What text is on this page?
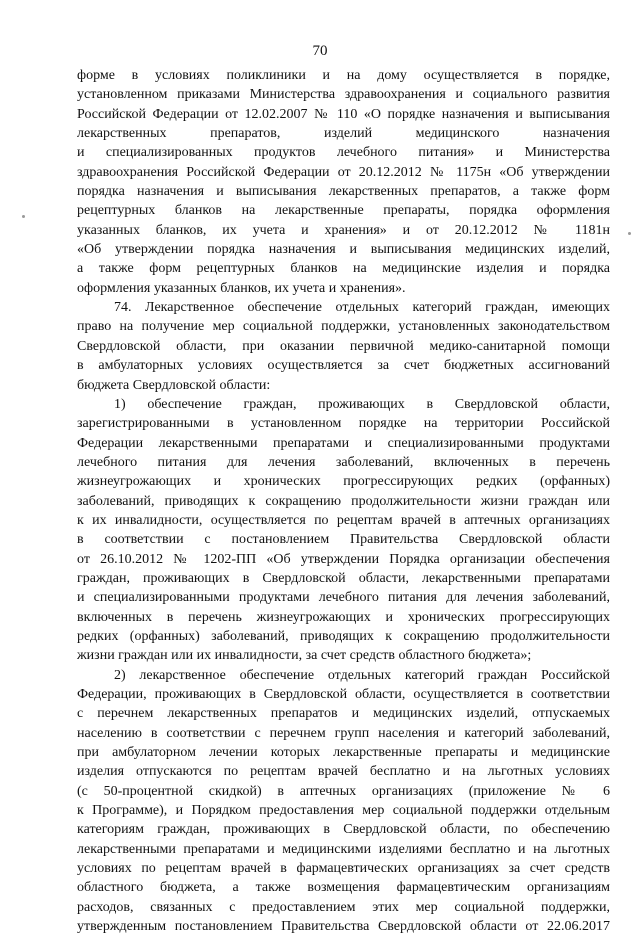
70
форме в условиях поликлиники и на дому осуществляется в порядке,
установленном приказами Министерства здравоохранения и социального развития
Российской Федерации от 12.02.2007 № 110 «О порядке назначения и выписывания
лекарственных препаратов, изделий медицинского назначения
и специализированных продуктов лечебного питания» и Министерства
здравоохранения Российской Федерации от 20.12.2012 № 1175н «Об утверждении
порядка назначения и выписывания лекарственных препаратов, а также форм
рецептурных бланков на лекарственные препараты, порядка оформления
указанных бланков, их учета и хранения» и от 20.12.2012 № 1181н
«Об утверждении порядка назначения и выписывания медицинских изделий,
а также форм рецептурных бланков на медицинские изделия и порядка
оформления указанных бланков, их учета и хранения».
74. Лекарственное обеспечение отдельных категорий граждан, имеющих
право на получение мер социальной поддержки, установленных законодательством
Свердловской области, при оказании первичной медико-санитарной помощи
в амбулаторных условиях осуществляется за счет бюджетных ассигнований
бюджета Свердловской области:
1) обеспечение граждан, проживающих в Свердловской области,
зарегистрированными в установленном порядке на территории Российской
Федерации лекарственными препаратами и специализированными продуктами
лечебного питания для лечения заболеваний, включенных в перечень
жизнеугрожающих и хронических прогрессирующих редких (орфанных)
заболеваний, приводящих к сокращению продолжительности жизни граждан или
к их инвалидности, осуществляется по рецептам врачей в аптечных организациях
в соответствии с постановлением Правительства Свердловской области
от 26.10.2012 № 1202-ПП «Об утверждении Порядка организации обеспечения
граждан, проживающих в Свердловской области, лекарственными препаратами
и специализированными продуктами лечебного питания для лечения заболеваний,
включенных в перечень жизнеугрожающих и хронических прогрессирующих
редких (орфанных) заболеваний, приводящих к сокращению продолжительности
жизни граждан или их инвалидности, за счет средств областного бюджета»;
2) лекарственное обеспечение отдельных категорий граждан Российской
Федерации, проживающих в Свердловской области, осуществляется в соответствии
с перечнем лекарственных препаратов и медицинских изделий, отпускаемых
населению в соответствии с перечнем групп населения и категорий заболеваний,
при амбулаторном лечении которых лекарственные препараты и медицинские
изделия отпускаются по рецептам врачей бесплатно и на льготных условиях
(с 50-процентной скидкой) в аптечных организациях (приложение № 6
к Программе), и Порядком предоставления мер социальной поддержки отдельным
категориям граждан, проживающих в Свердловской области, по обеспечению
лекарственными препаратами и медицинскими изделиями бесплатно и на льготных
условиях по рецептам врачей в фармацевтических организациях за счет средств
областного бюджета, а также возмещения фармацевтическим организациям
расходов, связанных с предоставлением этих мер социальной поддержки,
утвержденным постановлением Правительства Свердловской области от 22.06.2017
